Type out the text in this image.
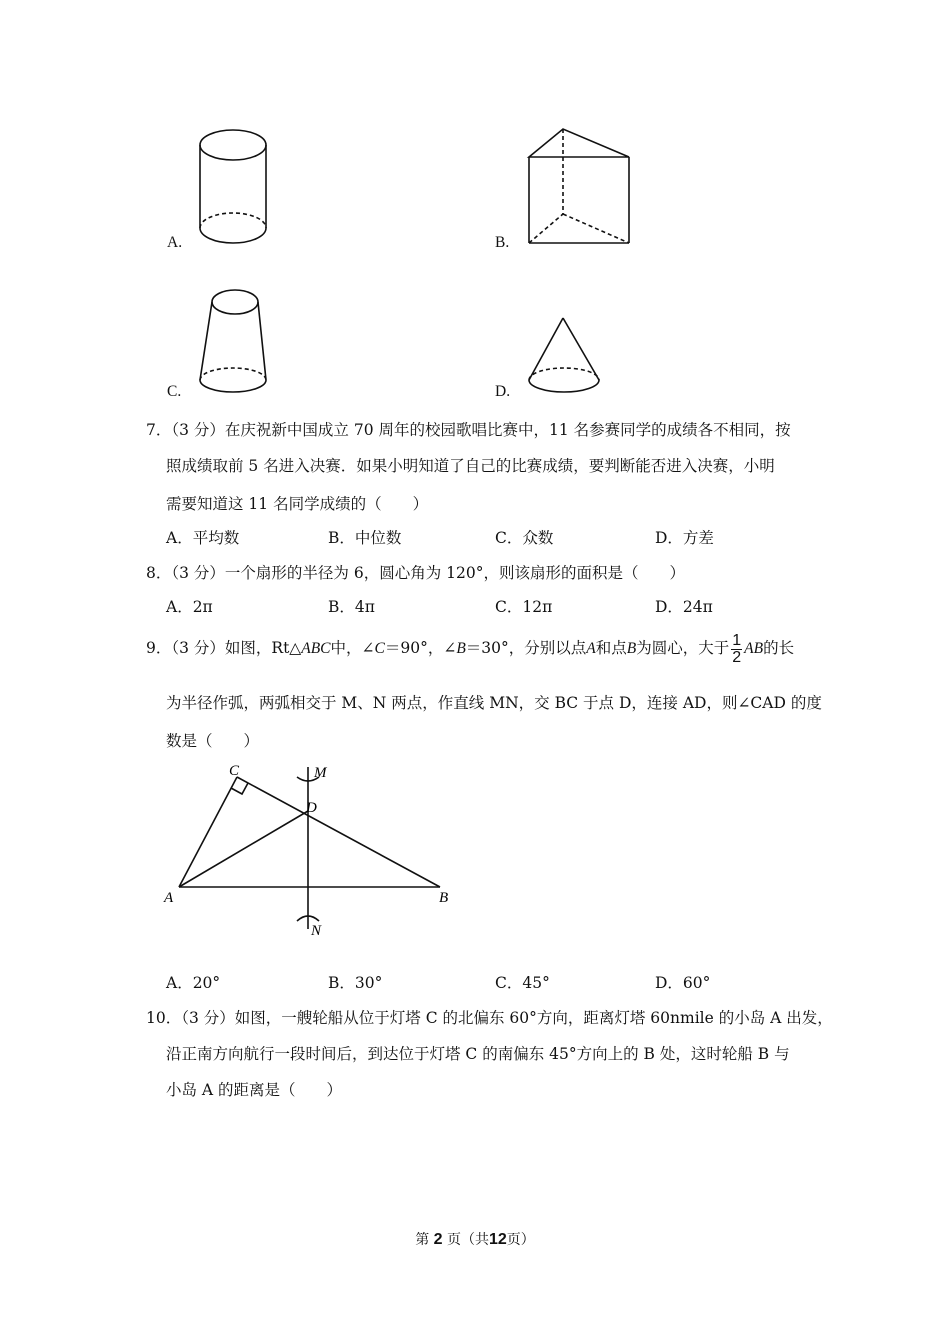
A.	B.
C.	D.
7．（3 分）在庆祝新中国成立 70 周年的校园歌唱比赛中，11 名参赛同学的成绩各不相同，按
照成绩取前 5 名进入决赛．如果小明知道了自己的比赛成绩，要判断能否进入决赛，小明
需要知道这 11 名同学成绩的（　　）
A．平均数	B．中位数	C．众数	D．方差
8．（3 分）一个扇形的半径为 6，圆心角为 120°，则该扇形的面积是（　　）
A．2π	B．4π	C．12π	D．24π
9．（3 分）如图，Rt△ABC中，∠C＝90°，∠B＝30°，分别以点A和点B为圆心，大于 $\frac{1}{2}$ AB的长
为半径作弧，两弧相交于 M、N 两点，作直线 MN，交 BC 于点 D，连接 AD，则∠CAD 的度
数是（　　）
C	M
D
A	B
N
A．20°	B．30°	C．45°	D．60°
10．（3 分）如图，一艘轮船从位于灯塔 C 的北偏东 60°方向，距离灯塔 60nmile 的小岛 A 出发，
沿正南方向航行一段时间后，到达位于灯塔 C 的南偏东 45°方向上的 B 处，这时轮船 B 与
小岛 A 的距离是（　　）
第 2 页（共12页）
